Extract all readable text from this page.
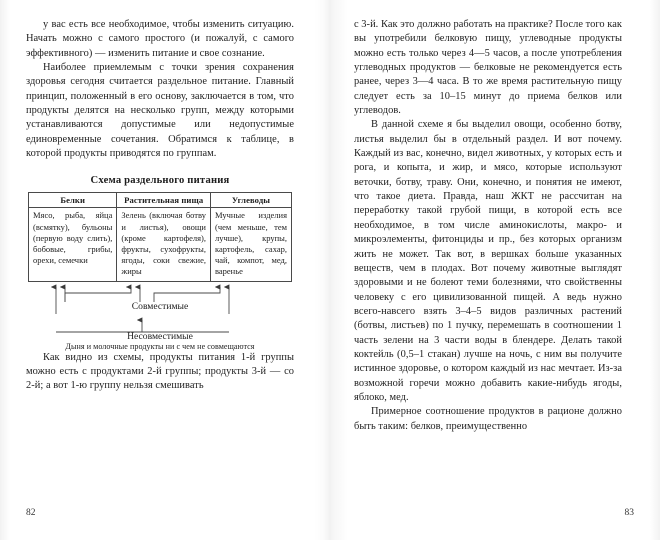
у вас есть все необходимое, чтобы изменить ситуацию. Начать можно с самого простого (и пожалуй, с самого эффективного) — изменить питание и свое сознание.

Наиболее приемлемым с точки зрения сохранения здоровья сегодня считается раздельное питание. Главный принцип, положенный в его основу, заключается в том, что продукты делятся на несколько групп, между которыми устанавливаются допустимые или недопустимые единовременные сочетания. Обратимся к таблице, в которой продукты приводятся по группам.

Схема раздельного питания
Белки	Растительная пища	Углеводы
Мясо, рыба, яйца (всмятку), бульоны (первую воду слить), бобовые, грибы, орехи, семечки	Зелень (включая ботву и листья), овощи (кроме картофеля), фрукты, сухофрукты, ягоды, соки свежие, жиры	Мучные изделия (чем меньше, тем лучше), крупы, картофель, сахар, чай, компот, мед, варенье
Совместимые
Несовместимые
Дыня и молочные продукты ни с чем не совмещаются

Как видно из схемы, продукты питания 1-й группы можно есть с продуктами 2-й группы; продукты 3-й — со 2-й; а вот 1-ю группу нельзя смешивать

82

с 3-й. Как это должно работать на практике? После того как вы употребили белковую пищу, углеводные продукты можно есть только через 4—5 часов, а после употребления углеводных продуктов — белковые не рекомендуется есть ранее, через 3—4 часа. В то же время растительную пищу следует есть за 10–15 минут до приема белков или углеводов.

В данной схеме я бы выделил овощи, особенно ботву, листья выделил бы в отдельный раздел. И вот почему. Каждый из вас, конечно, видел животных, у которых есть и рога, и копыта, и жир, и мясо, которые используют веточки, ботву, траву. Они, конечно, и понятия не имеют, что такое диета. Правда, наш ЖКТ не рассчитан на переработку такой грубой пищи, в которой есть все необходимое, в том числе аминокислоты, макро- и микроэлементы, фитонциды и пр., без которых организм жить не может. Так вот, в вершках больше указанных веществ, чем в плодах. Вот почему животные выглядят здоровыми и не болеют теми болезнями, что свойственны человеку с его цивилизованной пищей. А ведь нужно всего-навсего взять 3–4–5 видов различных растений (ботвы, листьев) по 1 пучку, перемешать в соотношении 1 часть зелени на 3 части воды в блендере. Делать такой коктейль (0,5–1 стакан) лучше на ночь, с ним вы получите истинное здоровье, о котором каждый из нас мечтает. Из-за возможной горечи можно добавить какие-нибудь ягоды, яблоко, мед.

Примерное соотношение продуктов в рационе должно быть таким: белков, преимущественно

83
